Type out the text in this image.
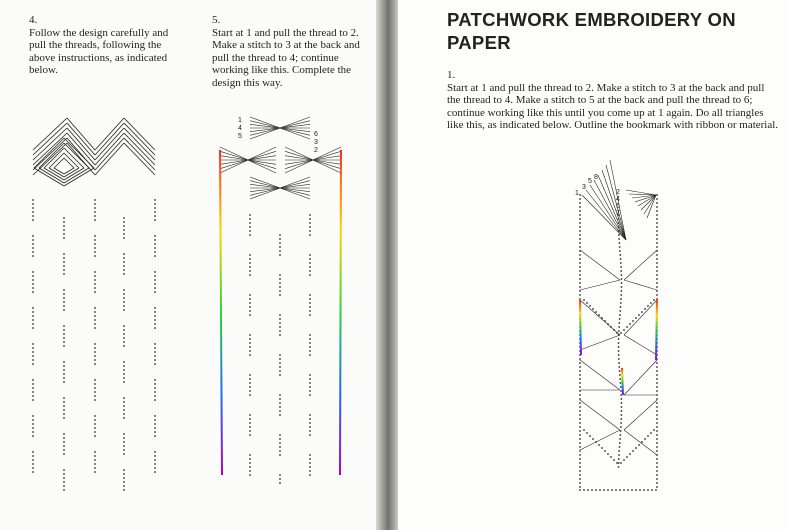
4.
Follow the design carefully and pull the threads, following the above instructions, as indicated below.

5.
Start at 1 and pull the thread to 2. Make a stitch to 3 at the back and pull the thread to 4; continue working like this. Complete the design this way.

PATCHWORK EMBROIDERY ON PAPER

1.
Start at 1 and pull the thread to 2. Make a stitch to 3 at the back and pull the thread to 4. Make a stitch to 5 at the back and pull the thread to 6; continue working like this until you come up at 1 again. Do all triangles like this, as indicated below. Outline the bookmark with ribbon or material.

1
4
5	6
3
2
1
3
5
8
2
4
6
7
